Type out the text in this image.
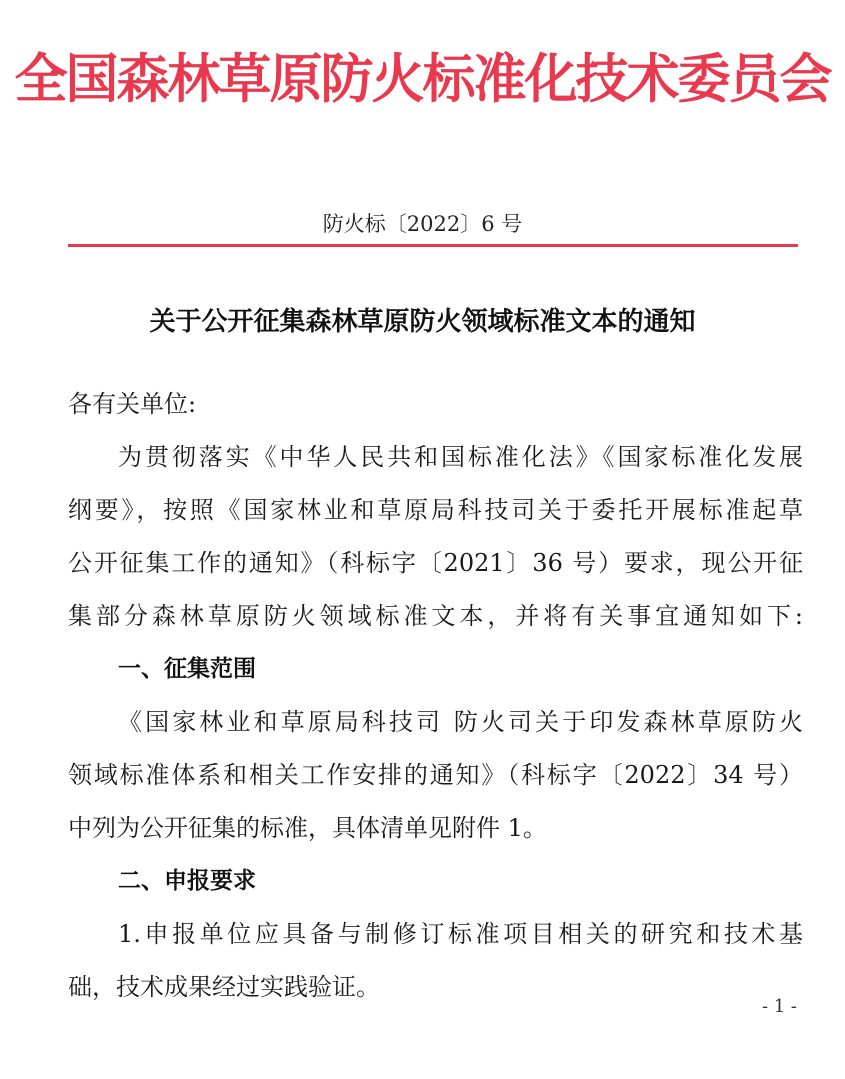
全国森林草原防火标准化技术委员会
防火标〔2022〕6 号
关于公开征集森林草原防火领域标准文本的通知
各有关单位:
为贯彻落实《中华人民共和国标准化法》《国家标准化发展
纲要》，按照《国家林业和草原局科技司关于委托开展标准起草
公开征集工作的通知》（科标字〔2021〕36 号）要求，现公开征
集部分森林草原防火领域标准文本，并将有关事宜通知如下:
一、征集范围
《国家林业和草原局科技司 防火司关于印发森林草原防火
领域标准体系和相关工作安排的通知》（科标字〔2022〕34 号）
中列为公开征集的标准，具体清单见附件 1。
二、申报要求
1.申报单位应具备与制修订标准项目相关的研究和技术基
础，技术成果经过实践验证。
- 1 -
